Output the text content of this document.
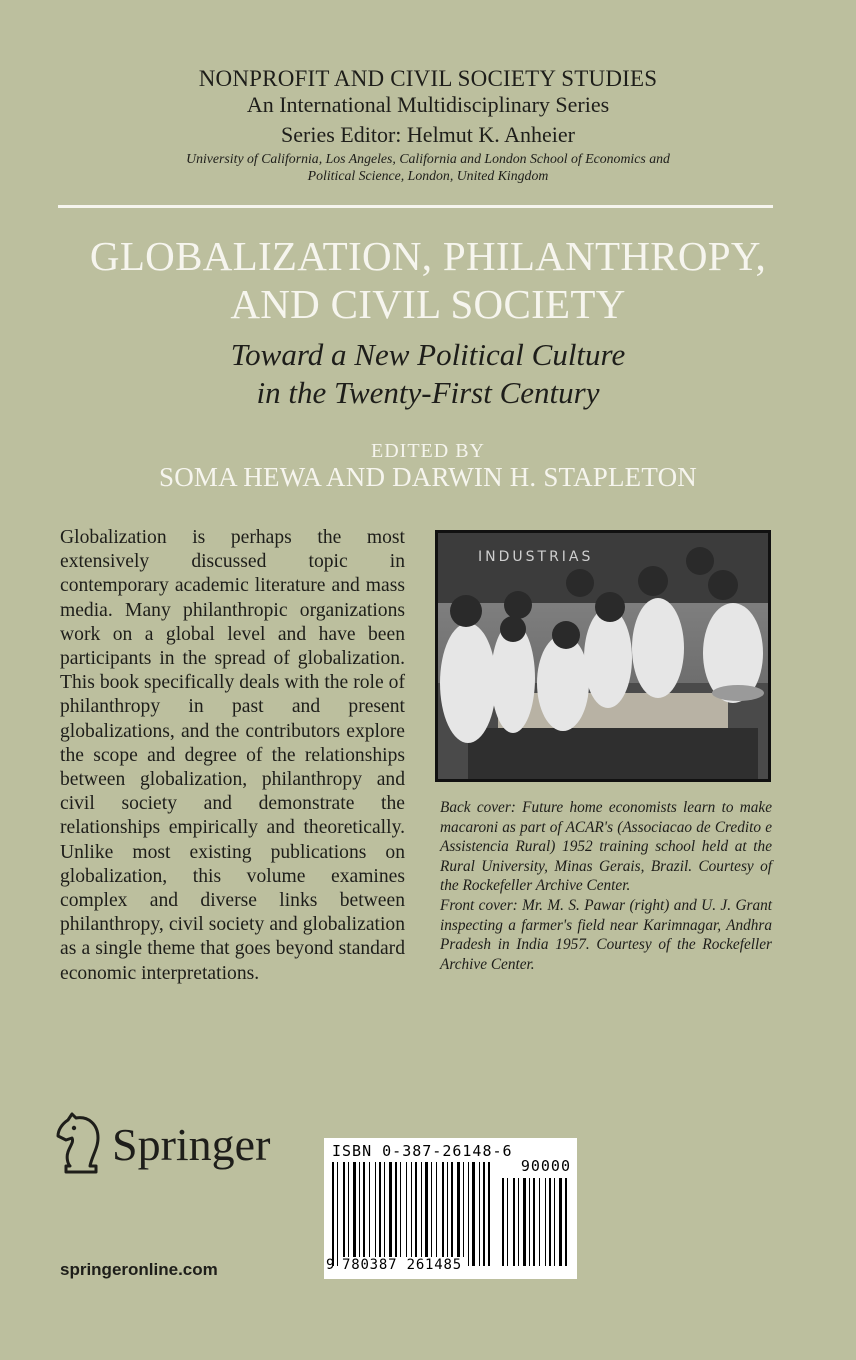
NONPROFIT AND CIVIL SOCIETY STUDIES
An International Multidisciplinary Series
Series Editor: Helmut K. Anheier
University of California, Los Angeles, California and London School of Economics and Political Science, London, United Kingdom
GLOBALIZATION, PHILANTHROPY,
AND CIVIL SOCIETY
Toward a New Political Culture
in the Twenty-First Century
EDITED BY
SOMA HEWA AND DARWIN H. STAPLETON
Globalization is perhaps the most extensively discussed topic in contemporary academic literature and mass media. Many philanthropic organizations work on a global level and have been participants in the spread of globalization. This book specifically deals with the role of philanthropy in past and present globalizations, and the contributors explore the scope and degree of the relationships between globalization, philanthropy and civil society and demonstrate the relationships empirically and theoretically. Unlike most existing publications on globalization, this volume examines complex and diverse links between philanthropy, civil society and globalization as a single theme that goes beyond standard economic interpretations.
INDUSTRIAS
Back cover: Future home economists learn to make macaroni as part of ACAR's (Associacao de Credito e Assistencia Rural) 1952 training school held at the Rural University, Minas Gerais, Brazil. Courtesy of the Rockefeller Archive Center.
Front cover: Mr. M. S. Pawar (right) and U. J. Grant inspecting a farmer's field near Karimnagar, Andhra Pradesh in India 1957. Courtesy of the Rockefeller Archive Center.
Springer
springeronline.com
ISBN 0-387-26148-6
90000
9 780387 261485
